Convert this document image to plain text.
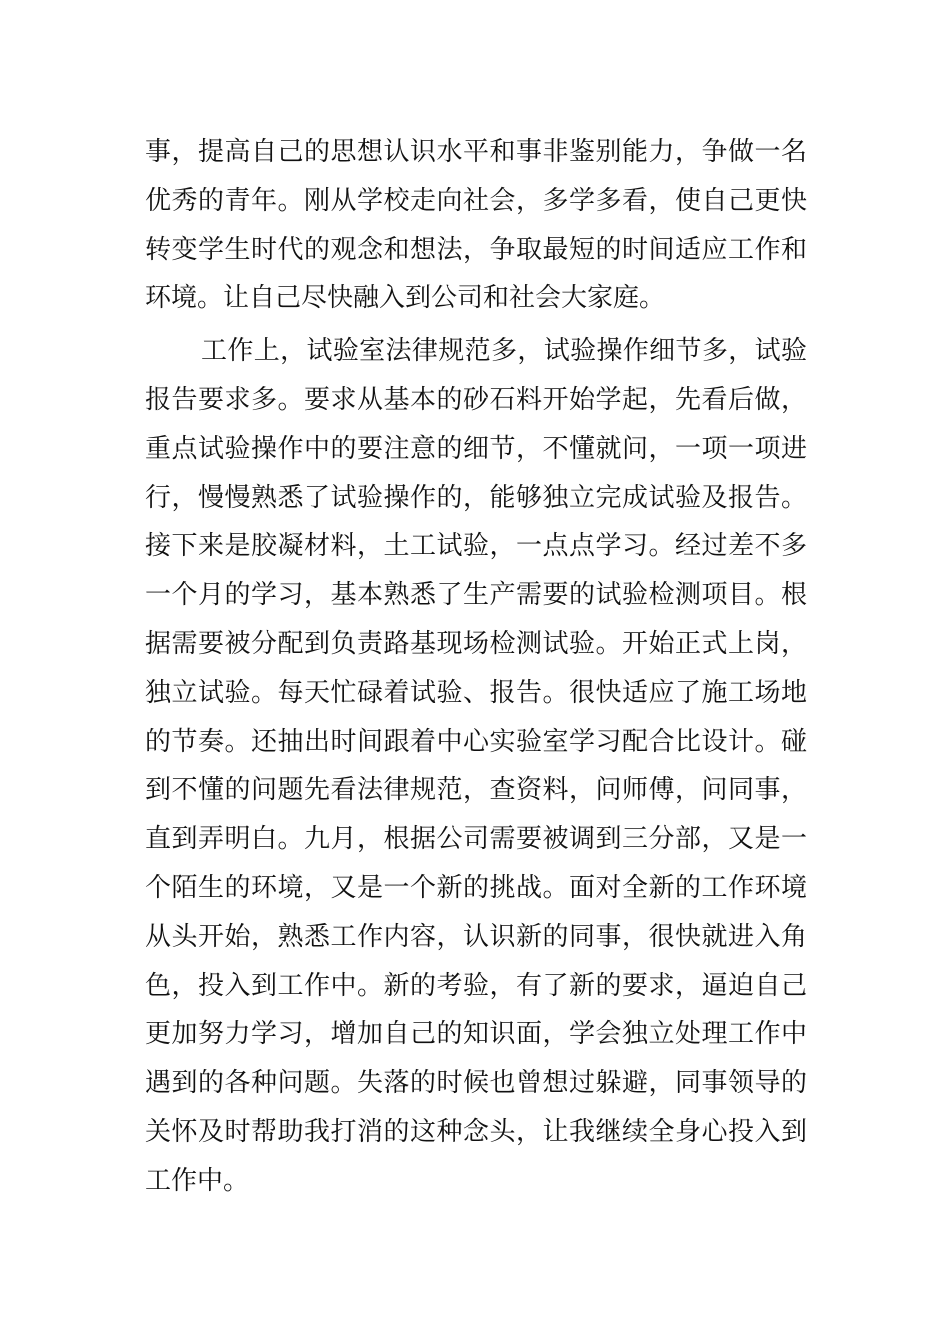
事，提高自己的思想认识水平和事非鉴别能力，争做一名
优秀的青年。刚从学校走向社会，多学多看，使自己更快
转变学生时代的观念和想法，争取最短的时间适应工作和
环境。让自己尽快融入到公司和社会大家庭。
工作上，试验室法律规范多，试验操作细节多，试验
报告要求多。要求从基本的砂石料开始学起，先看后做，
重点试验操作中的要注意的细节，不懂就问，一项一项进
行，慢慢熟悉了试验操作的，能够独立完成试验及报告。
接下来是胶凝材料，土工试验，一点点学习。经过差不多
一个月的学习，基本熟悉了生产需要的试验检测项目。根
据需要被分配到负责路基现场检测试验。开始正式上岗，
独立试验。每天忙碌着试验、报告。很快适应了施工场地
的节奏。还抽出时间跟着中心实验室学习配合比设计。碰
到不懂的问题先看法律规范，查资料，问师傅，问同事，
直到弄明白。九月，根据公司需要被调到三分部，又是一
个陌生的环境，又是一个新的挑战。面对全新的工作环境
从头开始，熟悉工作内容，认识新的同事，很快就进入角
色，投入到工作中。新的考验，有了新的要求，逼迫自己
更加努力学习，增加自己的知识面，学会独立处理工作中
遇到的各种问题。失落的时候也曾想过躲避，同事领导的
关怀及时帮助我打消的这种念头，让我继续全身心投入到
工作中。
